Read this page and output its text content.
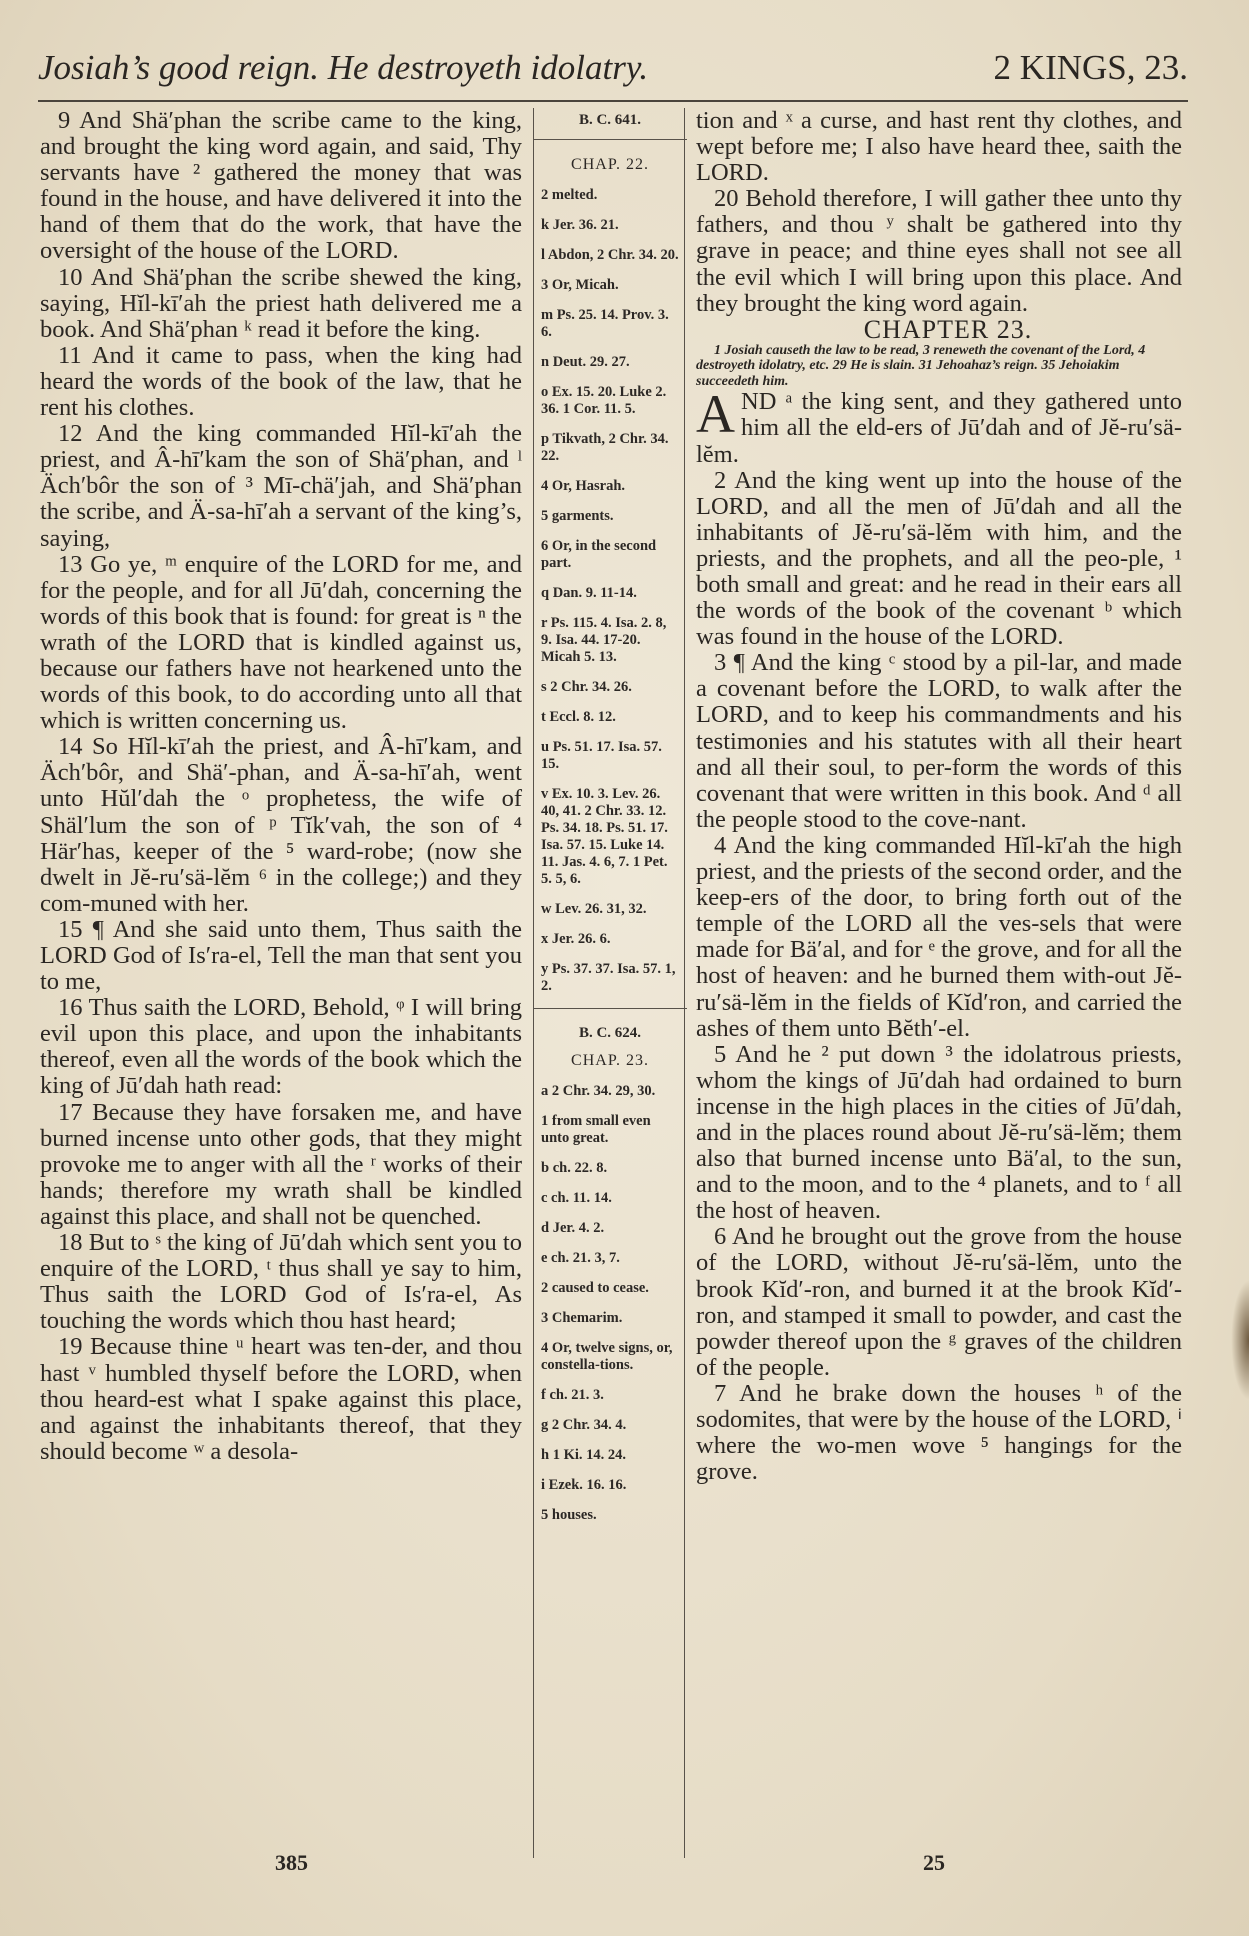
Josiah’s good reign. He destroyeth idolatry.	2 KINGS, 23.

9 And Shä′phan the scribe came to the king, and brought the king word again, and said, Thy servants have ² gathered the money that was found in the house, and have delivered it into the hand of them that do the work, that have the oversight of the house of the LORD.

10 And Shä′phan the scribe shewed the king, saying, Hĭl-kī′ah the priest hath delivered me a book. And Shä′phan ᵏ read it before the king.

11 And it came to pass, when the king had heard the words of the book of the law, that he rent his clothes.

12 And the king commanded Hĭl-kī′ah the priest, and Â-hī′kam the son of Shä′phan, and ˡ Äch′bôr the son of ³ Mī-chä′jah, and Shä′phan the scribe, and Ä-sa-hī′ah a servant of the king’s, saying,

13 Go ye, ᵐ enquire of the LORD for me, and for the people, and for all Jū′dah, concerning the words of this book that is found: for great is ⁿ the wrath of the LORD that is kindled against us, because our fathers have not hearkened unto the words of this book, to do according unto all that which is written concerning us.

14 So Hĭl-kī′ah the priest, and Â-hī′kam, and Äch′bôr, and Shä′-phan, and Ä-sa-hī′ah, went unto Hŭl′dah the ᵒ prophetess, the wife of Shäl′lum the son of ᵖ Tĭk′vah, the son of ⁴ Här′has, keeper of the ⁵ ward-robe; (now she dwelt in Jĕ-ru′sä-lĕm ⁶ in the college;) and they com-muned with her.

15 ¶ And she said unto them, Thus saith the LORD God of Is′ra-el, Tell the man that sent you to me,

16 Thus saith the LORD, Behold, ᵠ I will bring evil upon this place, and upon the inhabitants thereof, even all the words of the book which the king of Jū′dah hath read:

17 Because they have forsaken me, and have burned incense unto other gods, that they might provoke me to anger with all the ʳ works of their hands; therefore my wrath shall be kindled against this place, and shall not be quenched.

18 But to ˢ the king of Jū′dah which sent you to enquire of the LORD, ᵗ thus shall ye say to him, Thus saith the LORD God of Is′ra-el, As touching the words which thou hast heard;

19 Because thine ᵘ heart was ten-der, and thou hast ᵛ humbled thyself before the LORD, when thou heard-est what I spake against this place, and against the inhabitants thereof, that they should become ʷ a desola-

B. C. 641.
CHAP. 22.
2 melted.
k Jer. 36. 21.
l Abdon, 2 Chr. 34. 20.
3 Or, Micah.
m Ps. 25. 14. Prov. 3. 6.
n Deut. 29. 27.
o Ex. 15. 20. Luke 2. 36. 1 Cor. 11. 5.
p Tikvath, 2 Chr. 34. 22.
4 Or, Hasrah.
5 garments.
6 Or, in the second part.
q Dan. 9. 11-14.
r Ps. 115. 4. Isa. 2. 8, 9. Isa. 44. 17-20. Micah 5. 13.
s 2 Chr. 34. 26.
t Eccl. 8. 12.
u Ps. 51. 17. Isa. 57. 15.
v Ex. 10. 3. Lev. 26. 40, 41. 2 Chr. 33. 12. Ps. 34. 18. Ps. 51. 17. Isa. 57. 15. Luke 14. 11. Jas. 4. 6, 7. 1 Pet. 5. 5, 6.
w Lev. 26. 31, 32.
x Jer. 26. 6.
y Ps. 37. 37. Isa. 57. 1, 2.
B. C. 624.
CHAP. 23.
a 2 Chr. 34. 29, 30.
1 from small even unto great.
b ch. 22. 8.
c ch. 11. 14.
d Jer. 4. 2.
e ch. 21. 3, 7.
2 caused to cease.
3 Chemarim.
4 Or, twelve signs, or, constella-tions.
f ch. 21. 3.
g 2 Chr. 34. 4.
h 1 Ki. 14. 24.
i Ezek. 16. 16.
5 houses.

tion and ˣ a curse, and hast rent thy clothes, and wept before me; I also have heard thee, saith the LORD.

20 Behold therefore, I will gather thee unto thy fathers, and thou ʸ shalt be gathered into thy grave in peace; and thine eyes shall not see all the evil which I will bring upon this place. And they brought the king word again.

CHAPTER 23.

1 Josiah causeth the law to be read, 3 reneweth the covenant of the Lord, 4 destroyeth idolatry, etc. 29 He is slain. 31 Jehoahaz’s reign. 35 Jehoiakim succeedeth him.

AND ᵃ the king sent, and they gathered unto him all the eld-ers of Jū′dah and of Jĕ-ru′sä-lĕm.

2 And the king went up into the house of the LORD, and all the men of Jū′dah and all the inhabitants of Jĕ-ru′sä-lĕm with him, and the priests, and the prophets, and all the peo-ple, ¹ both small and great: and he read in their ears all the words of the book of the covenant ᵇ which was found in the house of the LORD.

3 ¶ And the king ᶜ stood by a pil-lar, and made a covenant before the LORD, to walk after the LORD, and to keep his commandments and his testimonies and his statutes with all their heart and all their soul, to per-form the words of this covenant that were written in this book. And ᵈ all the people stood to the cove-nant.

4 And the king commanded Hĭl-kī′ah the high priest, and the priests of the second order, and the keep-ers of the door, to bring forth out of the temple of the LORD all the ves-sels that were made for Bä′al, and for ᵉ the grove, and for all the host of heaven: and he burned them with-out Jĕ-ru′sä-lĕm in the fields of Kĭd′ron, and carried the ashes of them unto Bĕth′-el.

5 And he ² put down ³ the idolatrous priests, whom the kings of Jū′dah had ordained to burn incense in the high places in the cities of Jū′dah, and in the places round about Jĕ-ru′sä-lĕm; them also that burned incense unto Bä′al, to the sun, and to the moon, and to the ⁴ planets, and to ᶠ all the host of heaven.

6 And he brought out the grove from the house of the LORD, without Jĕ-ru′sä-lĕm, unto the brook Kĭd′-ron, and burned it at the brook Kĭd′-ron, and stamped it small to powder, and cast the powder thereof upon the ᵍ graves of the children of the people.

7 And he brake down the houses ʰ of the sodomites, that were by the house of the LORD, ⁱ where the wo-men wove ⁵ hangings for the grove.

385	25
